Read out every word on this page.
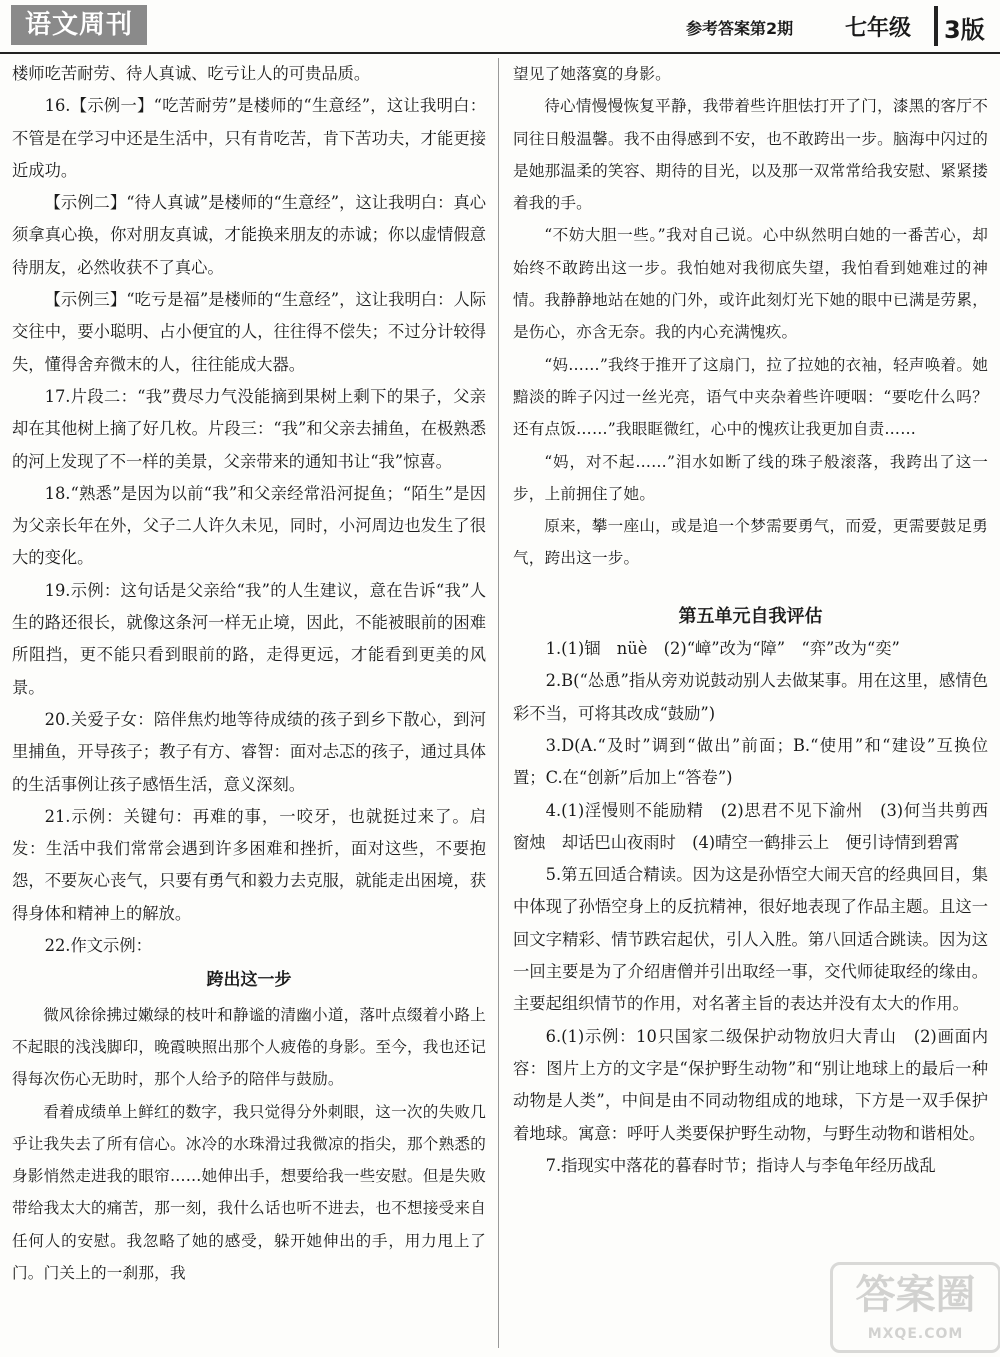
语文周刊	参考答案第2期 七年级 3版

楼师吃苦耐劳、待人真诚、吃亏让人的可贵品质。

16.【示例一】“吃苦耐劳”是楼师的“生意经”，这让我明白：不管是在学习中还是生活中，只有肯吃苦，肯下苦功夫，才能更接近成功。

【示例二】“待人真诚”是楼师的“生意经”，这让我明白：真心须拿真心换，你对朋友真诚，才能换来朋友的赤诚；你以虚情假意待朋友，必然收获不了真心。

【示例三】“吃亏是福”是楼师的“生意经”，这让我明白：人际交往中，要小聪明、占小便宜的人，往往得不偿失；不过分计较得失，懂得舍弃微末的人，往往能成大器。

17.片段二：“我”费尽力气没能摘到果树上剩下的果子，父亲却在其他树上摘了好几枚。片段三：“我”和父亲去捕鱼，在极熟悉的河上发现了不一样的美景，父亲带来的通知书让“我”惊喜。

18.“熟悉”是因为以前“我”和父亲经常沿河捉鱼；“陌生”是因为父亲长年在外，父子二人许久未见，同时，小河周边也发生了很大的变化。

19.示例：这句话是父亲给“我”的人生建议，意在告诉“我”人生的路还很长，就像这条河一样无止境，因此，不能被眼前的困难所阻挡，更不能只看到眼前的路，走得更远，才能看到更美的风景。

20.关爱子女：陪伴焦灼地等待成绩的孩子到乡下散心，到河里捕鱼，开导孩子；教子有方、睿智：面对忐忑的孩子，通过具体的生活事例让孩子感悟生活，意义深刻。

21.示例：关键句：再难的事，一咬牙，也就挺过来了。启发：生活中我们常常会遇到许多困难和挫折，面对这些，不要抱怨，不要灰心丧气，只要有勇气和毅力去克服，就能走出困境，获得身体和精神上的解放。

22.作文示例：

跨出这一步

微风徐徐拂过嫩绿的枝叶和静谧的清幽小道，落叶点缀着小路上不起眼的浅浅脚印，晚霞映照出那个人疲倦的身影。至今，我也还记得每次伤心无助时，那个人给予的陪伴与鼓励。

看着成绩单上鲜红的数字，我只觉得分外刺眼，这一次的失败几乎让我失去了所有信心。冰冷的水珠滑过我微凉的指尖，那个熟悉的身影悄然走进我的眼帘……她伸出手，想要给我一些安慰。但是失败带给我太大的痛苦，那一刻，我什么话也听不进去，也不想接受来自任何人的安慰。我忽略了她的感受，躲开她伸出的手，用力甩上了门。门关上的一刹那，我

望见了她落寞的身影。

待心情慢慢恢复平静，我带着些许胆怯打开了门，漆黑的客厅不同往日般温馨。我不由得感到不安，也不敢跨出一步。脑海中闪过的是她那温柔的笑容、期待的目光，以及那一双常常给我安慰、紧紧搂着我的手。

“不妨大胆一些。”我对自己说。心中纵然明白她的一番苦心，却始终不敢跨出这一步。我怕她对我彻底失望，我怕看到她难过的神情。我静静地站在她的门外，或许此刻灯光下她的眼中已满是劳累，是伤心，亦含无奈。我的内心充满愧疚。

“妈……”我终于推开了这扇门，拉了拉她的衣袖，轻声唤着。她黯淡的眸子闪过一丝光亮，语气中夹杂着些许哽咽：“要吃什么吗？还有点饭……”我眼眶微红，心中的愧疚让我更加自责……

“妈，对不起……”泪水如断了线的珠子般滚落，我跨出了这一步，上前拥住了她。

原来，攀一座山，或是追一个梦需要勇气，而爱，更需要鼓足勇气，跨出这一步。

第五单元自我评估

1.(1)锢　nüè　(2)“嶂”改为“障”　“弈”改为“奕”

2.B(“怂恿”指从旁劝说鼓动别人去做某事。用在这里，感情色彩不当，可将其改成“鼓励”)

3.D(A.“及时”调到“做出”前面；B.“使用”和“建设”互换位置；C.在“创新”后加上“答卷”)

4.(1)淫慢则不能励精　(2)思君不见下渝州　(3)何当共剪西窗烛　却话巴山夜雨时　(4)晴空一鹤排云上　便引诗情到碧霄

5.第五回适合精读。因为这是孙悟空大闹天宫的经典回目，集中体现了孙悟空身上的反抗精神，很好地表现了作品主题。且这一回文字精彩、情节跌宕起伏，引人入胜。第八回适合跳读。因为这一回主要是为了介绍唐僧并引出取经一事，交代师徒取经的缘由。主要起组织情节的作用，对名著主旨的表达并没有太大的作用。

6.(1)示例：10只国家二级保护动物放归大青山　(2)画面内容：图片上方的文字是“保护野生动物”和“别让地球上的最后一种动物是人类”，中间是由不同动物组成的地球，下方是一双手保护着地球。寓意：呼吁人类要保护野生动物，与野生动物和谐相处。

7.指现实中落花的暮春时节；指诗人与李龟年经历战乱

答案圈
MXQE.COM
